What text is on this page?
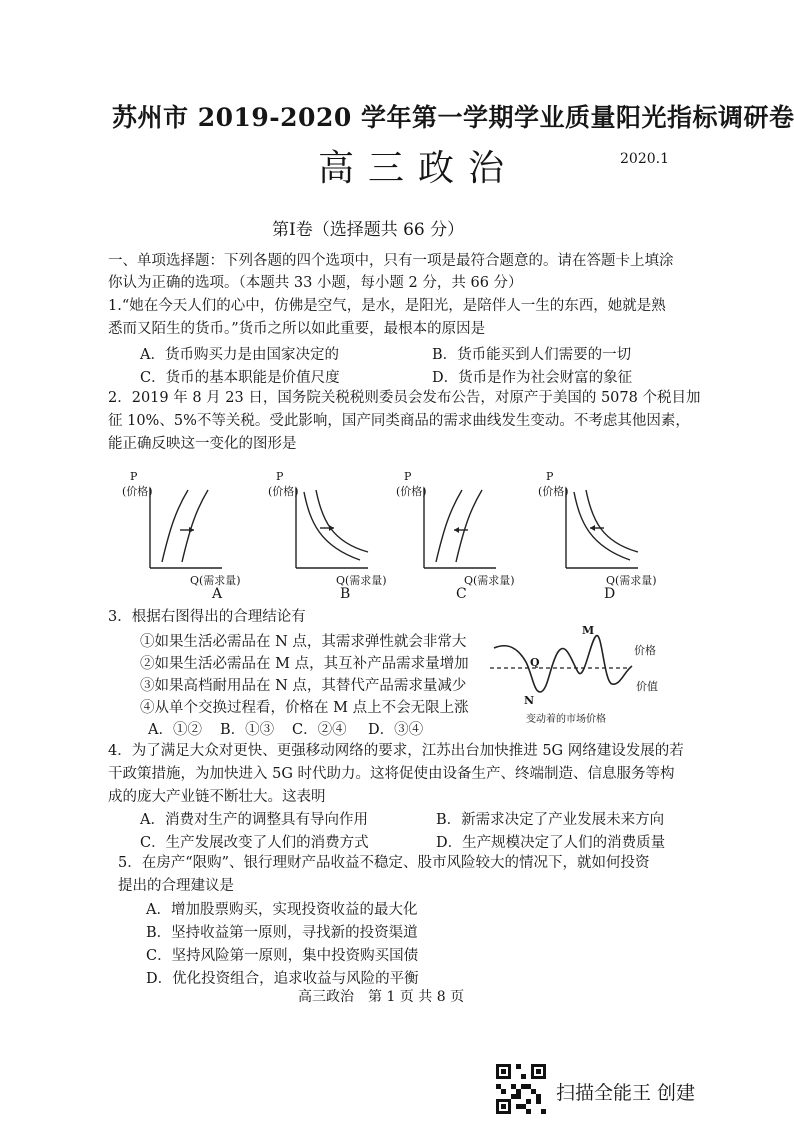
苏州市 2019-2020 学年第一学期学业质量阳光指标调研卷
高三政治	2020.1
第Ⅰ卷（选择题共 66 分）
一、单项选择题：下列各题的四个选项中，只有一项是最符合题意的。请在答题卡上填涂
你认为正确的选项。（本题共 33 小题，每小题 2 分，共 66 分）
1.“她在今天人们的心中，仿佛是空气，是水，是阳光，是陪伴人一生的东西，她就是熟
悉而又陌生的货币。”货币之所以如此重要，最根本的原因是
A．货币购买力是由国家决定的	B．货币能买到人们需要的一切
C．货币的基本职能是价值尺度	D．货币是作为社会财富的象征
2．2019 年 8 月 23 日，国务院关税税则委员会发布公告，对原产于美国的 5078 个税目加
征 10%、5%不等关税。受此影响，国产同类商品的需求曲线发生变动。不考虑其他因素，
能正确反映这一变化的图形是
P
(价格)
Q(需求量)
A
P
(价格)
Q(需求量)
B
P
(价格)
Q(需求量)
C
P
(价格)
Q(需求量)
D
3．根据右图得出的合理结论有
①如果生活必需品在 N 点，其需求弹性就会非常大
②如果生活必需品在 M 点，其互补产品需求量增加
③如果高档耐用品在 N 点，其替代产品需求量减少
④从单个交换过程看，价格在 M 点上不会无限上涨
A．①② B．①③ C．②④ D．③④
M
Q
N
价格
价值
变动着的市场价格
4．为了满足大众对更快、更强移动网络的要求，江苏出台加快推进 5G 网络建设发展的若
干政策措施，为加快进入 5G 时代助力。这将促使由设备生产、终端制造、信息服务等构
成的庞大产业链不断壮大。这表明
A．消费对生产的调整具有导向作用	B．新需求决定了产业发展未来方向
C．生产发展改变了人们的消费方式	D．生产规模决定了人们的消费质量
5．在房产“限购”、银行理财产品收益不稳定、股市风险较大的情况下，就如何投资
提出的合理建议是
A．增加股票购买，实现投资收益的最大化
B．坚持收益第一原则，寻找新的投资渠道
C．坚持风险第一原则，集中投资购买国债
D．优化投资组合，追求收益与风险的平衡
高三政治　第 1 页 共 8 页
扫描全能王 创建
